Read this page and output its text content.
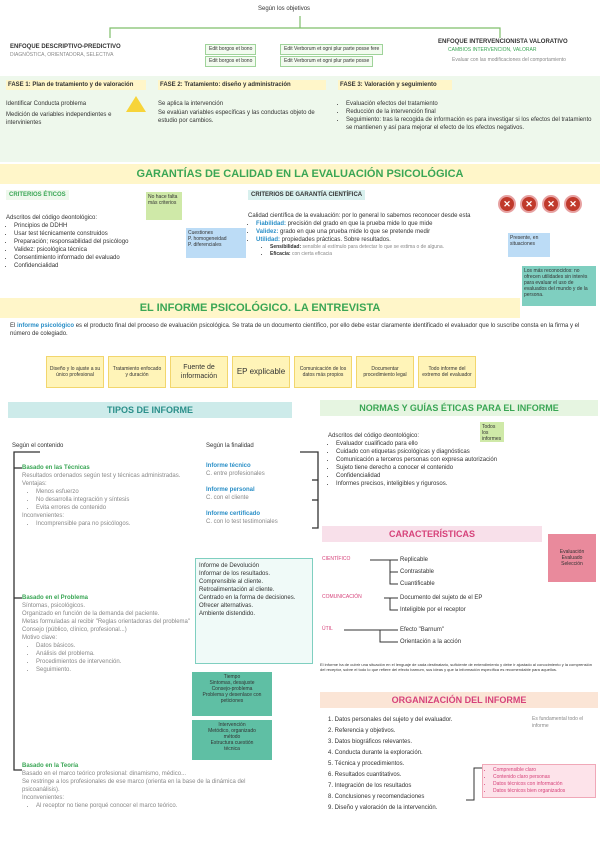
Según los objetivos
ENFOQUE DESCRIPTIVO-PREDICTIVO
DIAGNÓSTICA, ORIENTADORA, SELECTIVA
Edit borgos et bono
Edit borgos et bono
Edit Verborum et ogni plur parte posse fere
Edit Verborum et ogni plur parte posse
ENFOQUE INTERVENCIONISTA VALORATIVO
CAMBIOS INTERVENCION, VALORAR
Evaluar con las modificaciones del comportamiento
FASE 1: Plan de tratamiento y de valoración
Identificar Conducta problema
Medición de variables independientes e intervinientes
FASE 2: Tratamiento: diseño y administración
Se aplica la intervención
Se evalúan variables específicas y las conductas objeto de estudio por cambios.
FASE 3: Valoración y seguimiento
• Evaluación efectos del tratamiento
• Reducción de la intervención final
• Seguimiento: tras la recogida de información es para investigar si los efectos del tratamiento se mantienen y así para mejorar el efecto de los efectos negativos.
GARANTÍAS DE CALIDAD EN LA EVALUACIÓN PSICOLÓGICA
CRITERIOS ÉTICOS
Adscritos del código deontológico:
• Principios de DDHH
• Usar test técnicamente construidos
• Preparación; responsabilidad del psicólogo
• Validez: psicológica técnica
• Consentimiento informado del evaluado
• Confidencialidad
No hace falta más criterios
Cuestiones
P. homogeneidad
P. diferenciales
CRITERIOS DE GARANTÍA CIENTÍFICA
Calidad científica de la evaluación: por lo general lo sabemos reconocer desde esta
• Fiabilidad: precisión del grado en que la prueba mide lo que mide
• Validez: grado en que una prueba mide lo que se pretende medir
• Utilidad: propiedades prácticas. Sobre resultados.
• Sensibilidad: sensible al estímulo para detectar lo que se estima o de alguna.
• Eficacia: con cierta eficacia
✕	✕	✕	✕
Presente, en situaciones
Los más reconocidos: no ofrecen utilidades sin interés para evaluar el uso de evaluados del mundo y de la persona.
EL INFORME PSICOLÓGICO. LA ENTREVISTA
El informe psicológico es el producto final del proceso de evaluación psicológica. Se trata de un documento científico, por ello debe estar claramente identificado el evaluador que lo suscribe consta en la firma y el número de colegiado.
Diseño y lo ajuste a su único profesional
Tratamiento enfocado y duración
Fuente de información
EP explicable	Comunicación de los datos más propios
Documentar procedimiento legal
Todo informe del extremo del evaluador
TIPOS DE INFORME
Según el contenido	Según la finalidad
Basado en las Técnicas
Resultados ordenados según test y técnicas administradas.
Ventajas:
• Menos esfuerzo
• No desarrolla integración y síntesis
• Evita errores de contenido
Inconvenientes:
• Incomprensible para no psicólogos.
Basado en el Problema
Síntomas, psicológicos.
Organizado en función de la demanda del paciente.
Metas formuladas al recibir "Reglas orientadoras del problema"
Consejo (público, clínico, profesional...)
Motivo clave:
• Datos básicos.
• Análisis del problema.
• Procedimientos de intervención.
• Seguimiento.
Basado en la Teoría
Basado en el marco teórico profesional: dinamismo, médico...
Se restringe a los profesionales de ese marco (orienta en la base de la dinámica del psicoanálisis).
Inconvenientes:
• Al receptor no tiene porqué conocer el marco teórico.
Informe técnico
C. entre profesionales
Informe personal
C. con el cliente
Informe certificado
C. con lo test testimoniales
Informe de Devolución
Informar de los resultados.
Comprensible al cliente.
Retroalimentación al cliente.
Centrado en la forma de decisiones.
Ofrecer alternativas.
Ambiente distendido.
Tiempo
Sintomas, desajuste
Consejo-problema
Problema y desenlace con peticiones
Intervención
Metódico, organizado
método
Estructura cuestión
técnica
NORMAS Y GUÍAS ÉTICAS PARA EL INFORME
Adscritos del código deontológico:
• Evaluador cualificado para ello
• Cuidado con etiquetas psicológicas y diagnósticas
• Comunicación a terceros personas con expresa autorización
• Sujeto tiene derecho a conocer el contenido
• Confidencialidad
• Informes precisos, inteligibles y rigurosos.
Todos los informes
CARACTERÍSTICAS
CIENTÍFICO	Replicable
Contrastable
Cuantificable
COMUNICACIÓN	Documento del sujeto de el EP
Inteligible por el receptor
ÚTIL	Efecto "Barnum"
Orientación a la acción
Evaluación
Evaluado
Selección
El informe ha de cubrir una situación en el lenguaje de cada destinatario, suficiente de entendimiento y debe ir ajustado al conocimiento y la comprensión del receptor, sobre el todo lo que refiere del efecto barnum, sus ideas y que la información específica es recomendable para aquellos.
ORGANIZACIÓN DEL INFORME
1. Datos personales del sujeto y del evaluador.
2. Referencia y objetivos.
3. Datos biográficos relevantes.
4. Conducta durante la exploración.
5. Técnica y procedimientos.
6. Resultados cuantitativos.
7. Integración de los resultados
8. Conclusiones y recomendaciones
9. Diseño y valoración de la intervención.
Es fundamental todo el informe
• Comprensible claro
• Contenido claro personas
• Datos técnicos con información
• Datos técnicos bien organizados
